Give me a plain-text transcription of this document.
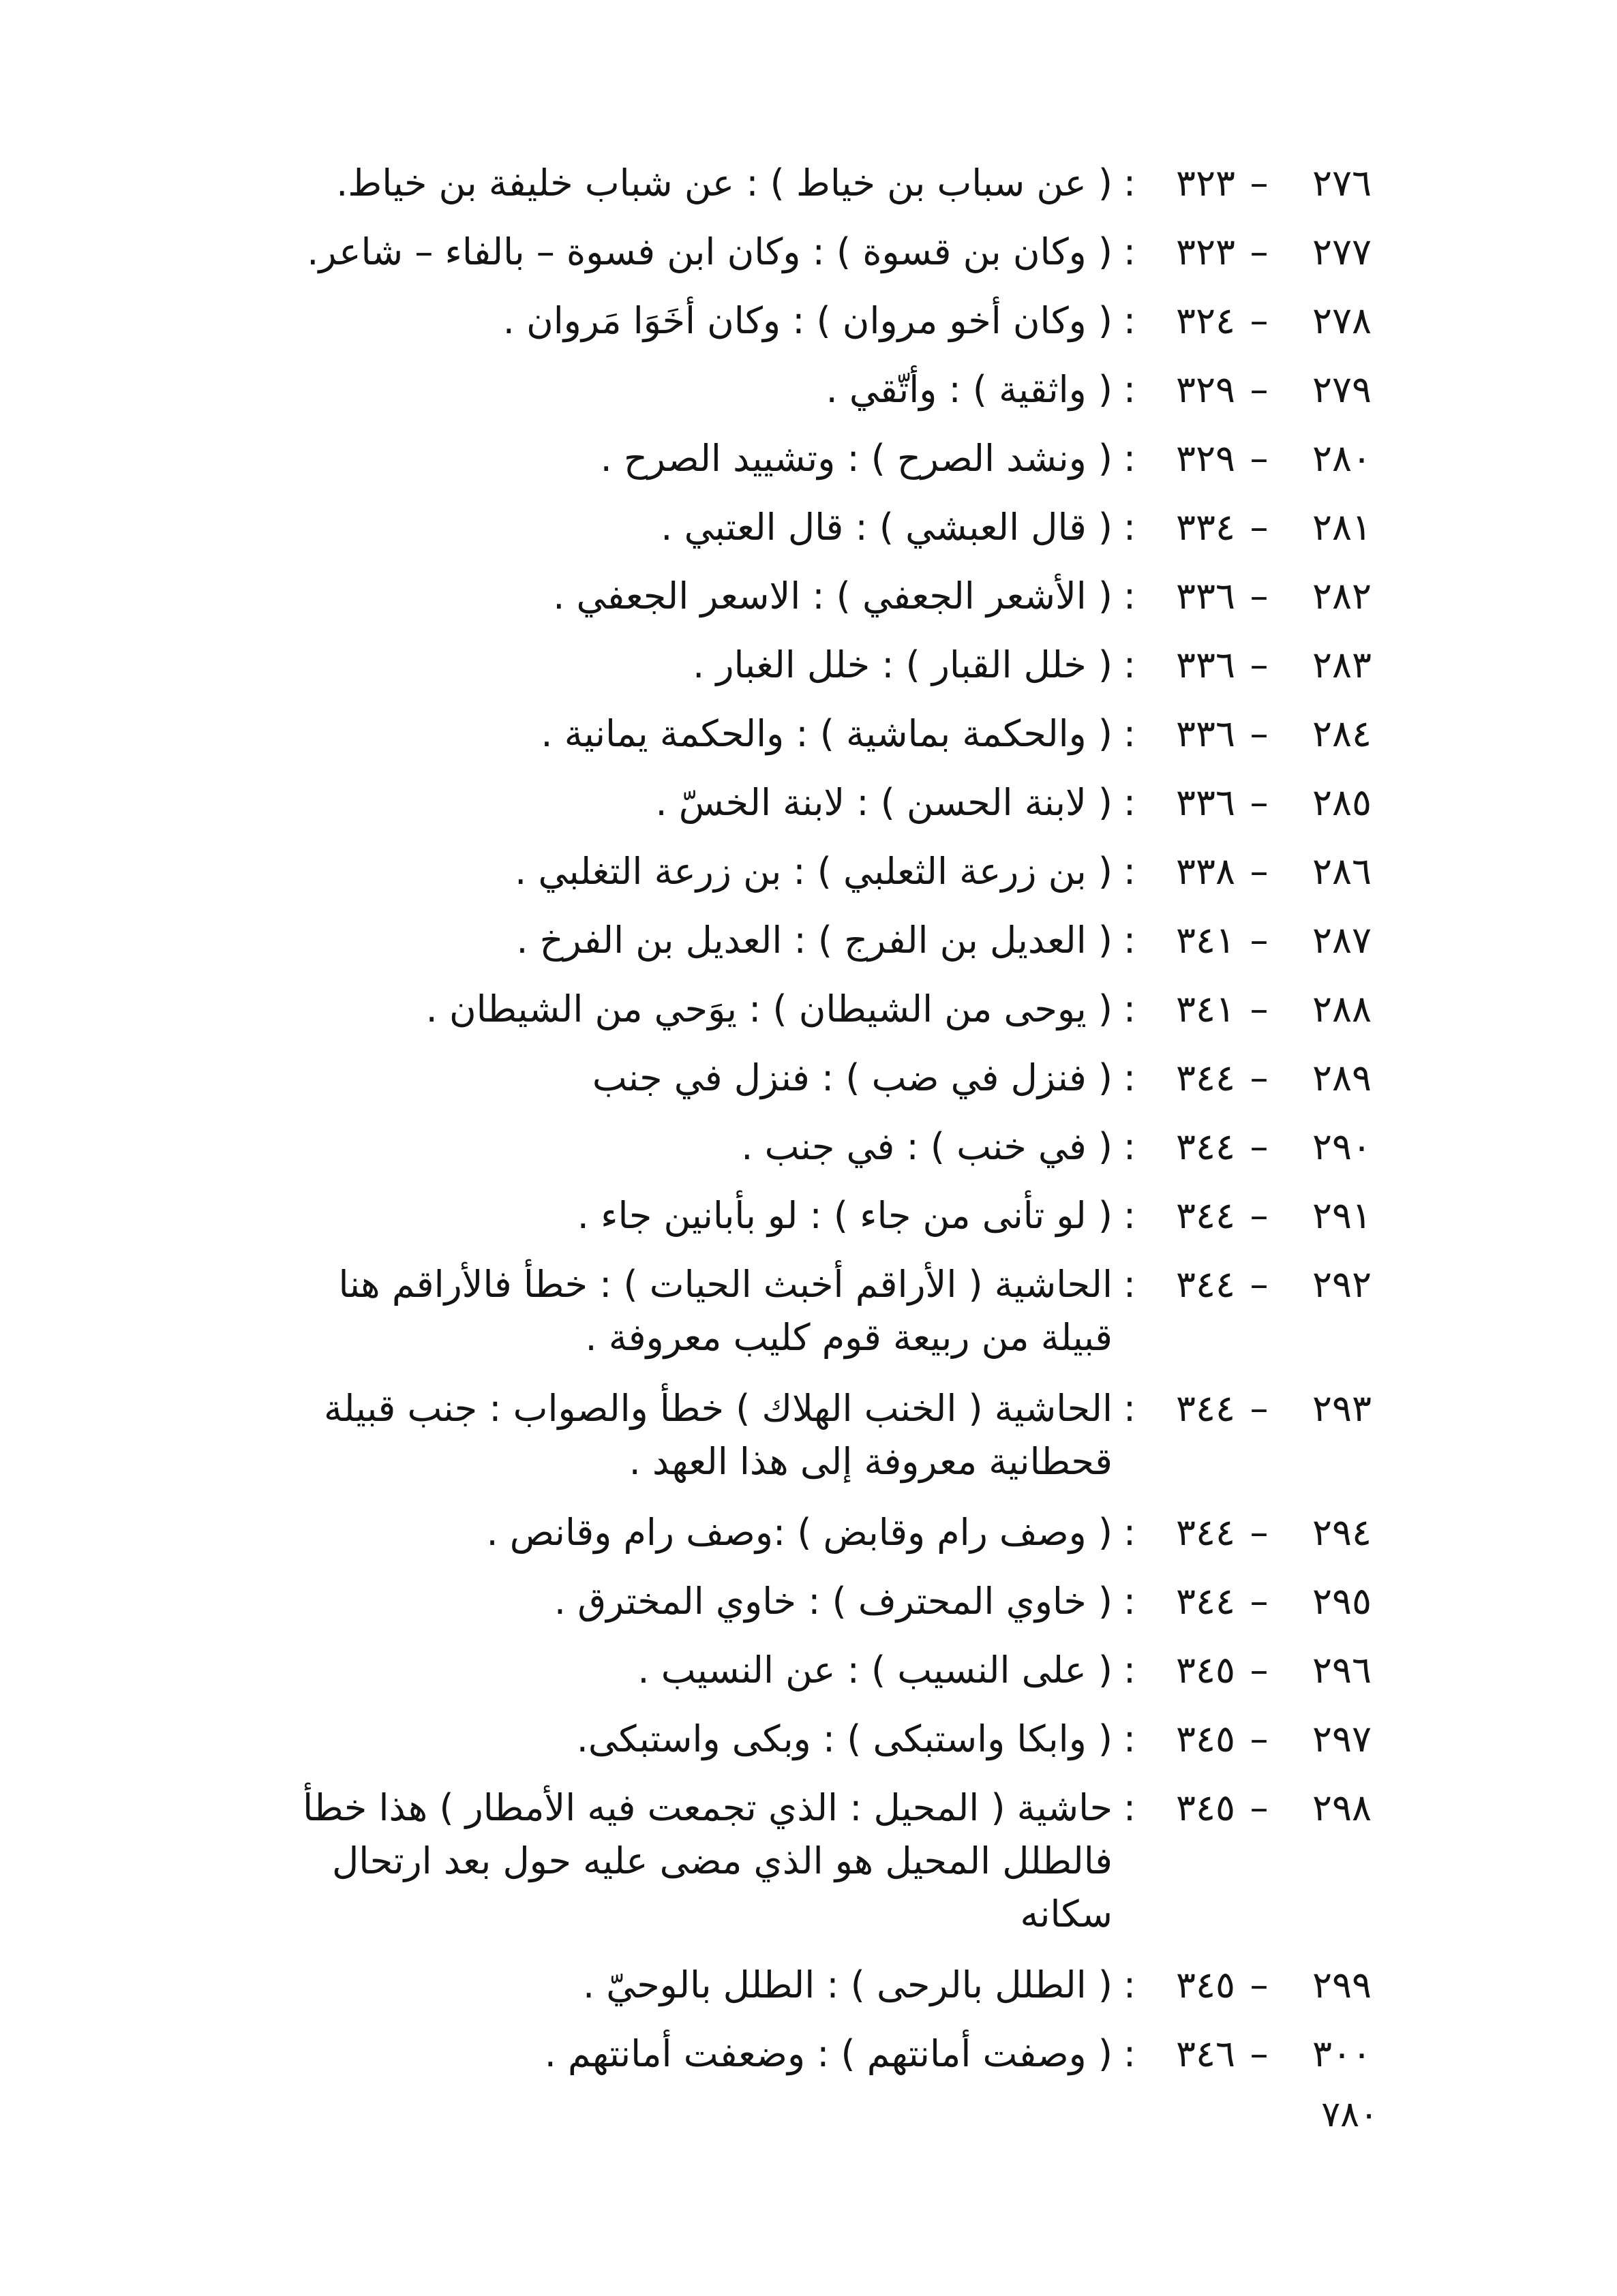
٢٧٦
–
٣٢٣
:
( عن سباب بن خياط ) : عن شباب خليفة بن خياط.
٢٧٧
–
٣٢٣
:
( وكان بن قسوة ) : وكان ابن فسوة – بالفاء – شاعر.
٢٧٨
–
٣٢٤
:
( وكان أخو مروان ) : وكان أخَوَا مَروان .
٢٧٩
–
٣٢٩
:
( واثقية ) : وأتّقي .
٢٨٠
–
٣٢٩
:
( ونشد الصرح ) : وتشييد الصرح .
٢٨١
–
٣٣٤
:
( قال العبشي ) : قال العتبي .
٢٨٢
–
٣٣٦
:
( الأشعر الجعفي ) : الاسعر الجعفي .
٢٨٣
–
٣٣٦
:
( خلل القبار ) : خلل الغبار .
٢٨٤
–
٣٣٦
:
( والحكمة بماشية ) : والحكمة يمانية .
٢٨٥
–
٣٣٦
:
( لابنة الحسن ) : لابنة الخسّ .
٢٨٦
–
٣٣٨
:
( بن زرعة الثعلبي ) : بن زرعة التغلبي .
٢٨٧
–
٣٤١
:
( العديل بن الفرج ) : العديل بن الفرخ .
٢٨٨
–
٣٤١
:
( يوحى من الشيطان ) : يوَحي من الشيطان .
٢٨٩
–
٣٤٤
:
( فنزل في ضب ) : فنزل في جنب
٢٩٠
–
٣٤٤
:
( في خنب ) : في جنب .
٢٩١
–
٣٤٤
:
( لو تأنى من جاء ) : لو بأبانين جاء .
٢٩٢
–
٣٤٤
:
الحاشية ( الأراقم أخبث الحيات ) : خطأ فالأراقم هنا
قبيلة من ربيعة قوم كليب معروفة .
٢٩٣
–
٣٤٤
:
الحاشية ( الخنب الهلاك ) خطأ والصواب : جنب قبيلة
قحطانية معروفة إلى هذا العهد .
٢٩٤
–
٣٤٤
:
( وصف رام وقابض ) :وصف رام وقانص .
٢٩٥
–
٣٤٤
:
( خاوي المحترف ) : خاوي المخترق .
٢٩٦
–
٣٤٥
:
( على النسيب ) : عن النسيب .
٢٩٧
–
٣٤٥
:
( وابكا واستبكى ) : وبكى واستبكى.
٢٩٨
–
٣٤٥
:
حاشية ( المحيل : الذي تجمعت فيه الأمطار ) هذا خطأ
فالطلل المحيل هو الذي مضى عليه حول بعد ارتحال سكانه
٢٩٩
–
٣٤٥
:
( الطلل بالرحى ) : الطلل بالوحيّ .
٣٠٠
–
٣٤٦
:
( وصفت أمانتهم ) : وضعفت أمانتهم .
٧٨٠
